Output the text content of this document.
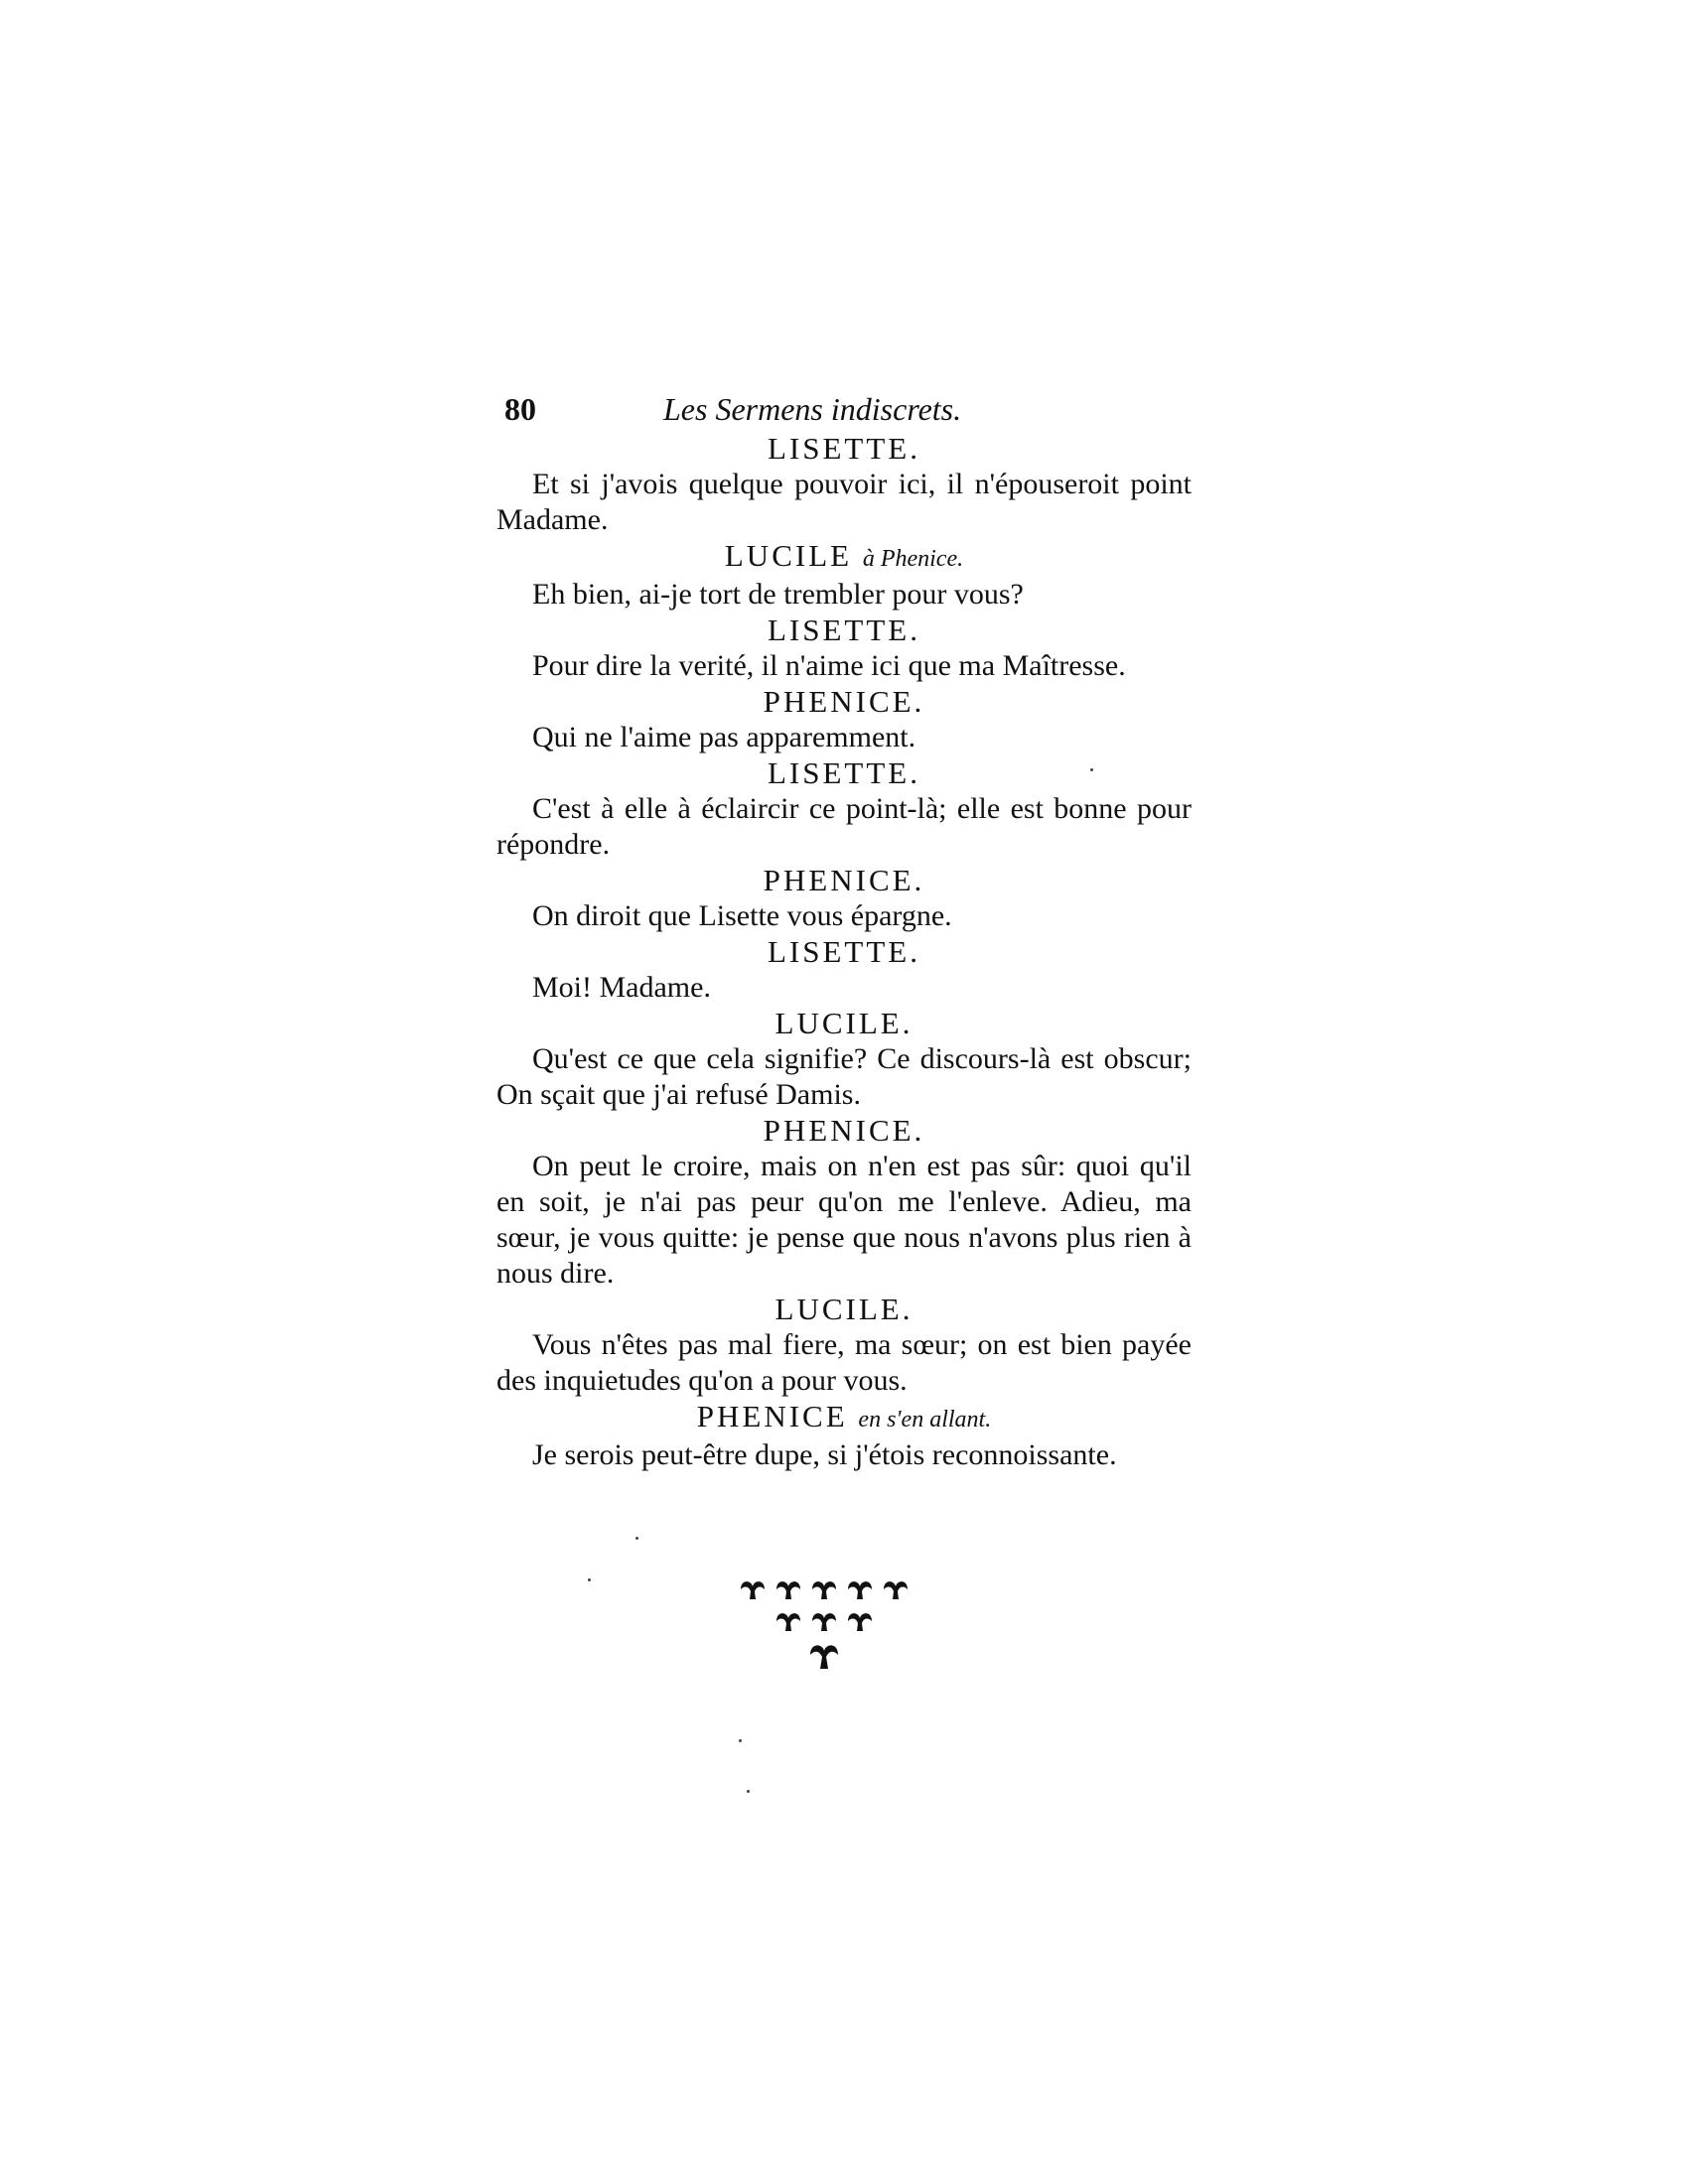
80	Les Sermens indiscrets.

LISETTE.

Et si j'avois quelque pouvoir ici, il n'épouseroit point Madame.

LUCILE à Phenice.

Eh bien, ai-je tort de trembler pour vous?

LISETTE.

Pour dire la verité, il n'aime ici que ma Maîtresse.

PHENICE.

Qui ne l'aime pas apparemment.

LISETTE.

C'est à elle à éclaircir ce point-là; elle est bonne pour répondre.

PHENICE.

On diroit que Lisette vous épargne.

LISETTE.

Moi! Madame.

LUCILE.

Qu'est ce que cela signifie? Ce discours-là est obscur; On sçait que j'ai refusé Damis.

PHENICE.

On peut le croire, mais on n'en est pas sûr: quoi qu'il en soit, je n'ai pas peur qu'on me l'enleve. Adieu, ma sœur, je vous quitte: je pense que nous n'avons plus rien à nous dire.

LUCILE.

Vous n'êtes pas mal fiere, ma sœur; on est bien payée des inquietudes qu'on a pour vous.

PHENICE en s'en allant.

Je serois peut-être dupe, si j'étois reconnoissante.
